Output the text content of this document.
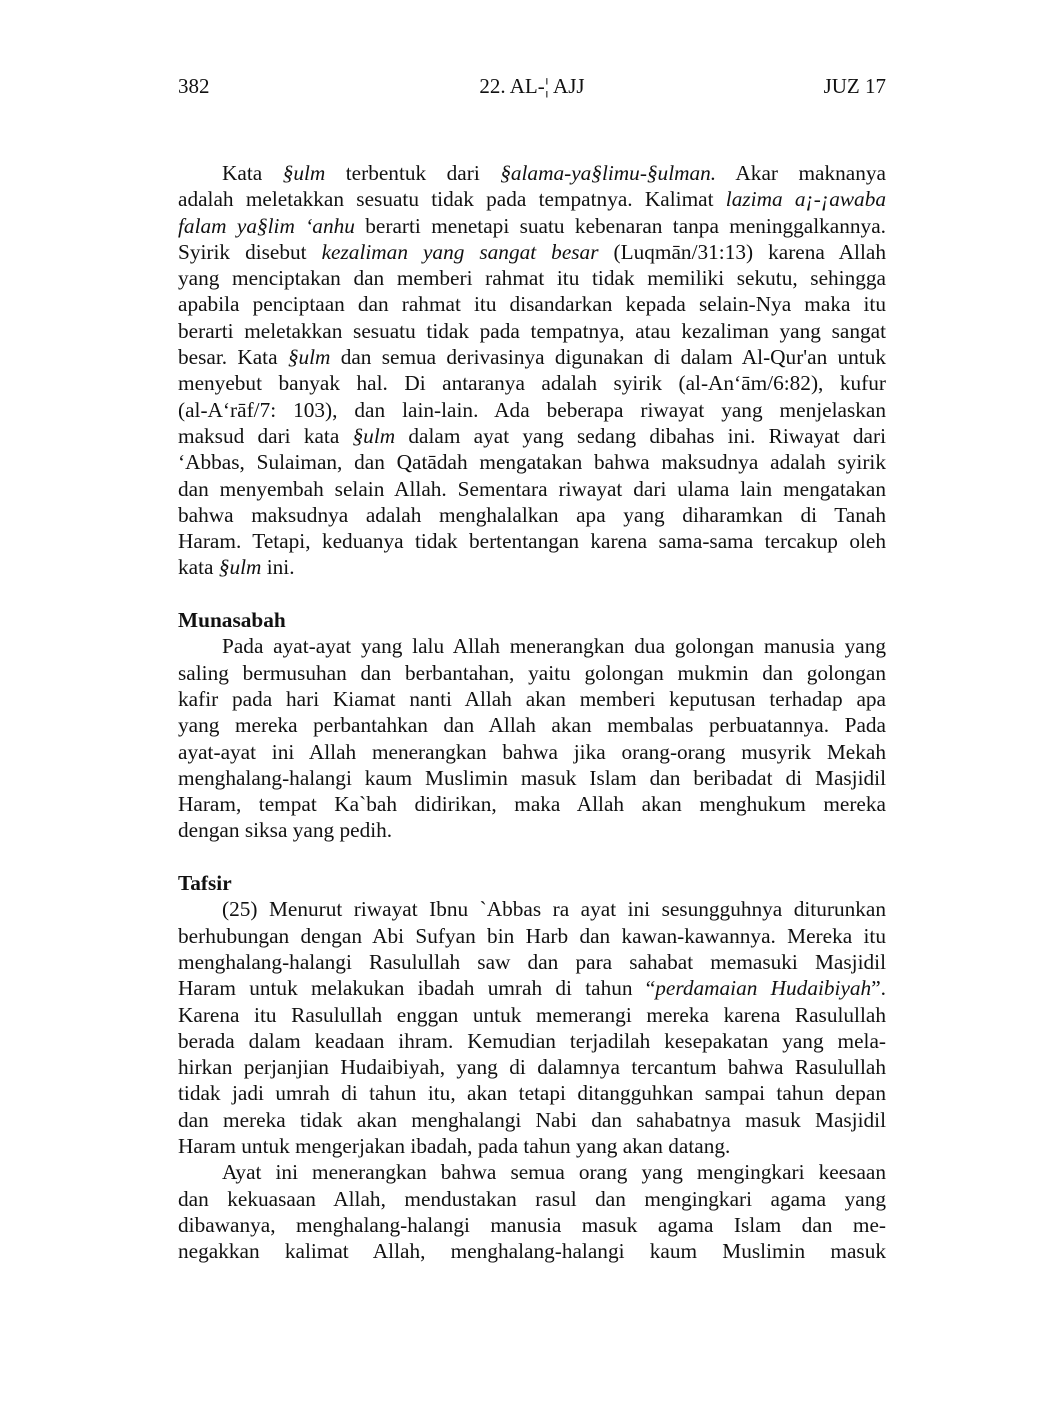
382	22. AL-¦ AJJ	JUZ 17
Kata §ulm terbentuk dari §alama-ya§limu-§ulman. Akar maknanya
adalah meletakkan sesuatu tidak pada tempatnya. Kalimat lazima a¡-¡awaba
falam ya§lim ‘anhu berarti menetapi suatu kebenaran tanpa meninggalkannya.
Syirik disebut kezaliman yang sangat besar (Luqmān/31:13) karena Allah
yang menciptakan dan memberi rahmat itu tidak memiliki sekutu, sehingga
apabila penciptaan dan rahmat itu disandarkan kepada selain-Nya maka itu
berarti meletakkan sesuatu tidak pada tempatnya, atau kezaliman yang sangat
besar. Kata §ulm dan semua derivasinya digunakan di dalam Al-Qur'an untuk
menyebut banyak hal. Di antaranya adalah syirik (al-An‘ām/6:82), kufur
(al-A‘rāf/7: 103), dan lain-lain. Ada beberapa riwayat yang menjelaskan
maksud dari kata §ulm dalam ayat yang sedang dibahas ini. Riwayat dari
‘Abbas, Sulaiman, dan Qatādah mengatakan bahwa maksudnya adalah syirik
dan menyembah selain Allah. Sementara riwayat dari ulama lain mengatakan
bahwa maksudnya adalah menghalalkan apa yang diharamkan di Tanah
Haram. Tetapi, keduanya tidak bertentangan karena sama-sama tercakup oleh
kata §ulm ini.
Munasabah
Pada ayat-ayat yang lalu Allah menerangkan dua golongan manusia yang
saling bermusuhan dan berbantahan, yaitu golongan mukmin dan golongan
kafir pada hari Kiamat nanti Allah akan memberi keputusan terhadap apa
yang mereka perbantahkan dan Allah akan membalas perbuatannya. Pada
ayat-ayat ini Allah menerangkan bahwa jika orang-orang musyrik Mekah
menghalang-halangi kaum Muslimin masuk Islam dan beribadat di Masjidil
Haram, tempat Ka`bah didirikan, maka Allah akan menghukum mereka
dengan siksa yang pedih.
Tafsir
(25) Menurut riwayat Ibnu `Abbas ra ayat ini sesungguhnya diturunkan
berhubungan dengan Abi Sufyan bin Harb dan kawan-kawannya. Mereka itu
menghalang-halangi Rasulullah saw dan para sahabat memasuki Masjidil
Haram untuk melakukan ibadah umrah di tahun “perdamaian Hudaibiyah”.
Karena itu Rasulullah enggan untuk memerangi mereka karena Rasulullah
berada dalam keadaan ihram. Kemudian terjadilah kesepakatan yang mela-
hirkan perjanjian Hudaibiyah, yang di dalamnya tercantum bahwa Rasulullah
tidak jadi umrah di tahun itu, akan tetapi ditangguhkan sampai tahun depan
dan mereka tidak akan menghalangi Nabi dan sahabatnya masuk Masjidil
Haram untuk mengerjakan ibadah, pada tahun yang akan datang.
Ayat ini menerangkan bahwa semua orang yang mengingkari keesaan
dan kekuasaan Allah, mendustakan rasul dan mengingkari agama yang
dibawanya, menghalang-halangi manusia masuk agama Islam dan me-
negakkan kalimat Allah, menghalang-halangi kaum Muslimin masuk
